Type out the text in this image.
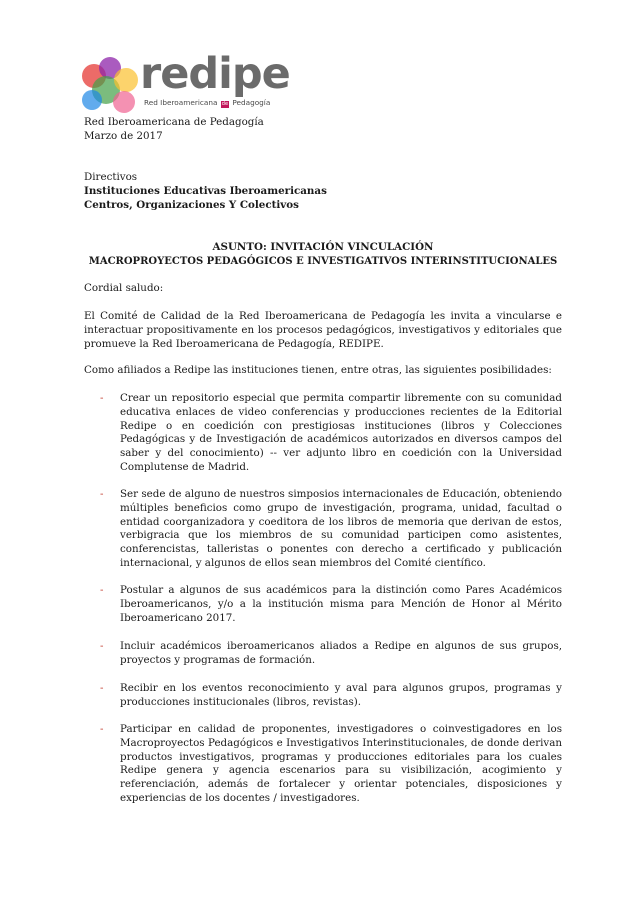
redipe
Red Iberoamericana de Pedagogía
Red Iberoamericana de Pedagogía
Marzo de 2017
Directivos
Instituciones Educativas Iberoamericanas
Centros, Organizaciones Y Colectivos
ASUNTO: INVITACIÓN VINCULACIÓN
MACROPROYECTOS PEDAGÓGICOS E INVESTIGATIVOS INTERINSTITUCIONALES
Cordial saludo:
El Comité de Calidad de la Red Iberoamericana de Pedagogía les invita a vincularse e interactuar propositivamente en los procesos pedagógicos, investigativos y editoriales que promueve la Red Iberoamericana de Pedagogía, REDIPE.
Como afiliados a Redipe las instituciones tienen, entre otras, las siguientes posibilidades:
- Crear un repositorio especial que permita compartir libremente con su comunidad educativa enlaces de video conferencias y producciones recientes de la Editorial Redipe o en coedición con prestigiosas instituciones (libros y Colecciones Pedagógicas y de Investigación de académicos autorizados en diversos campos del saber y del conocimiento) -- ver adjunto libro en coedición con la Universidad Complutense de Madrid.
- Ser sede de alguno de nuestros simposios internacionales de Educación, obteniendo múltiples beneficios como grupo de investigación, programa, unidad, facultad o entidad coorganizadora y coeditora de los libros de memoria que derivan de estos, verbigracia que los miembros de su comunidad participen como asistentes, conferencistas, talleristas o ponentes con derecho a certificado y publicación internacional, y algunos de ellos sean miembros del Comité científico.
- Postular a algunos de sus académicos para la distinción como Pares Académicos Iberoamericanos, y/o a la institución misma para Mención de Honor al Mérito Iberoamericano 2017.
- Incluir académicos iberoamericanos aliados a Redipe en algunos de sus grupos, proyectos y programas de formación.
- Recibir en los eventos reconocimiento y aval para algunos grupos, programas y producciones institucionales (libros, revistas).
- Participar en calidad de proponentes, investigadores o coinvestigadores en los Macroproyectos Pedagógicos e Investigativos Interinstitucionales, de donde derivan productos investigativos, programas y producciones editoriales para los cuales Redipe genera y agencia escenarios para su visibilización, acogimiento y referenciación, además de fortalecer y orientar potenciales, disposiciones y experiencias de los docentes / investigadores.
